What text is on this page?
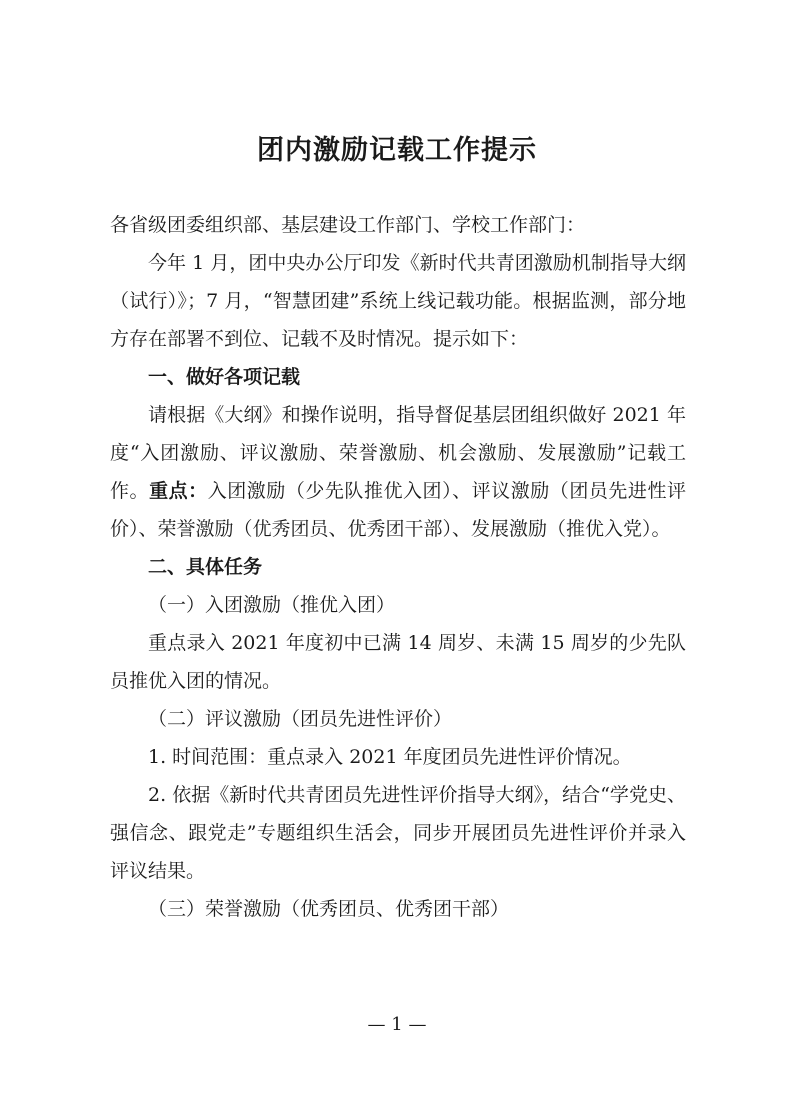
团内激励记载工作提示

各省级团委组织部、基层建设工作部门、学校工作部门：

今年 1 月，团中央办公厅印发《新时代共青团激励机制指导大纲（试行）》；7 月，“智慧团建”系统上线记载功能。根据监测，部分地方存在部署不到位、记载不及时情况。提示如下：

一、做好各项记载

请根据《大纲》和操作说明，指导督促基层团组织做好 2021 年度“入团激励、评议激励、荣誉激励、机会激励、发展激励”记载工作。重点：入团激励（少先队推优入团）、评议激励（团员先进性评价）、荣誉激励（优秀团员、优秀团干部）、发展激励（推优入党）。

二、具体任务

（一）入团激励（推优入团）

重点录入 2021 年度初中已满 14 周岁、未满 15 周岁的少先队员推优入团的情况。

（二）评议激励（团员先进性评价）

1. 时间范围：重点录入 2021 年度团员先进性评价情况。

2. 依据《新时代共青团员先进性评价指导大纲》，结合“学党史、强信念、跟党走”专题组织生活会，同步开展团员先进性评价并录入评议结果。

（三）荣誉激励（优秀团员、优秀团干部）

— 1 —
